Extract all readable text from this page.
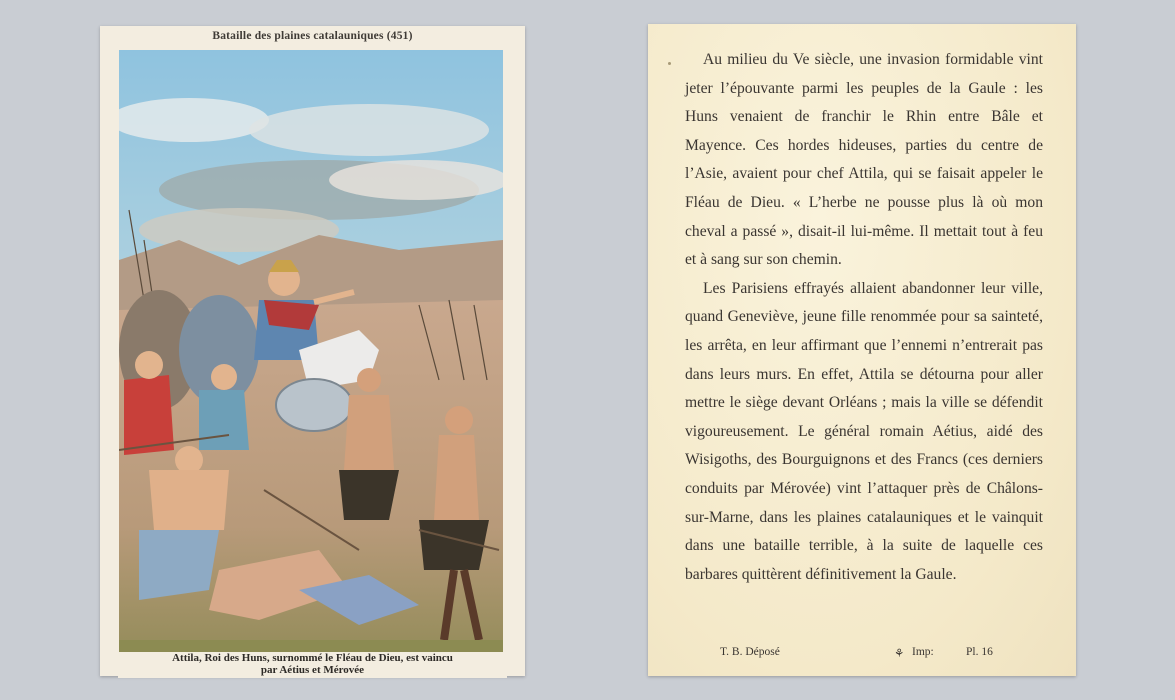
Bataille des plaines catalauniques (451)
Attila, Roi des Huns, surnommé le Fléau de Dieu, est vaincu
par Aétius et Mérovée

Au milieu du Ve siècle, une invasion formidable vint jeter l’épouvante parmi les peuples de la Gaule : les Huns venaient de franchir le Rhin entre Bâle et Mayence. Ces hordes hideuses, parties du centre de l’Asie, avaient pour chef Attila, qui se faisait appeler le Fléau de Dieu. « L’herbe ne pousse plus là où mon cheval a passé », disait-il lui-même. Il mettait tout à feu et à sang sur son chemin.

Les Parisiens effrayés allaient abandonner leur ville, quand Geneviève, jeune fille renommée pour sa sainteté, les arrêta, en leur affirmant que l’ennemi n’entrerait pas dans leurs murs. En effet, Attila se détourna pour aller mettre le siège devant Orléans ; mais la ville se défendit vigoureusement. Le général romain Aétius, aidé des Wisigoths, des Bourguignons et des Francs (ces derniers conduits par Mérovée) vint l’attaquer près de Châlons-sur-Marne, dans les plaines catalauniques et le vainquit dans une bataille terrible, à la suite de laquelle ces barbares quittèrent définitivement la Gaule.

T. B. Déposé	⚘ Imp:	Pl. 16
